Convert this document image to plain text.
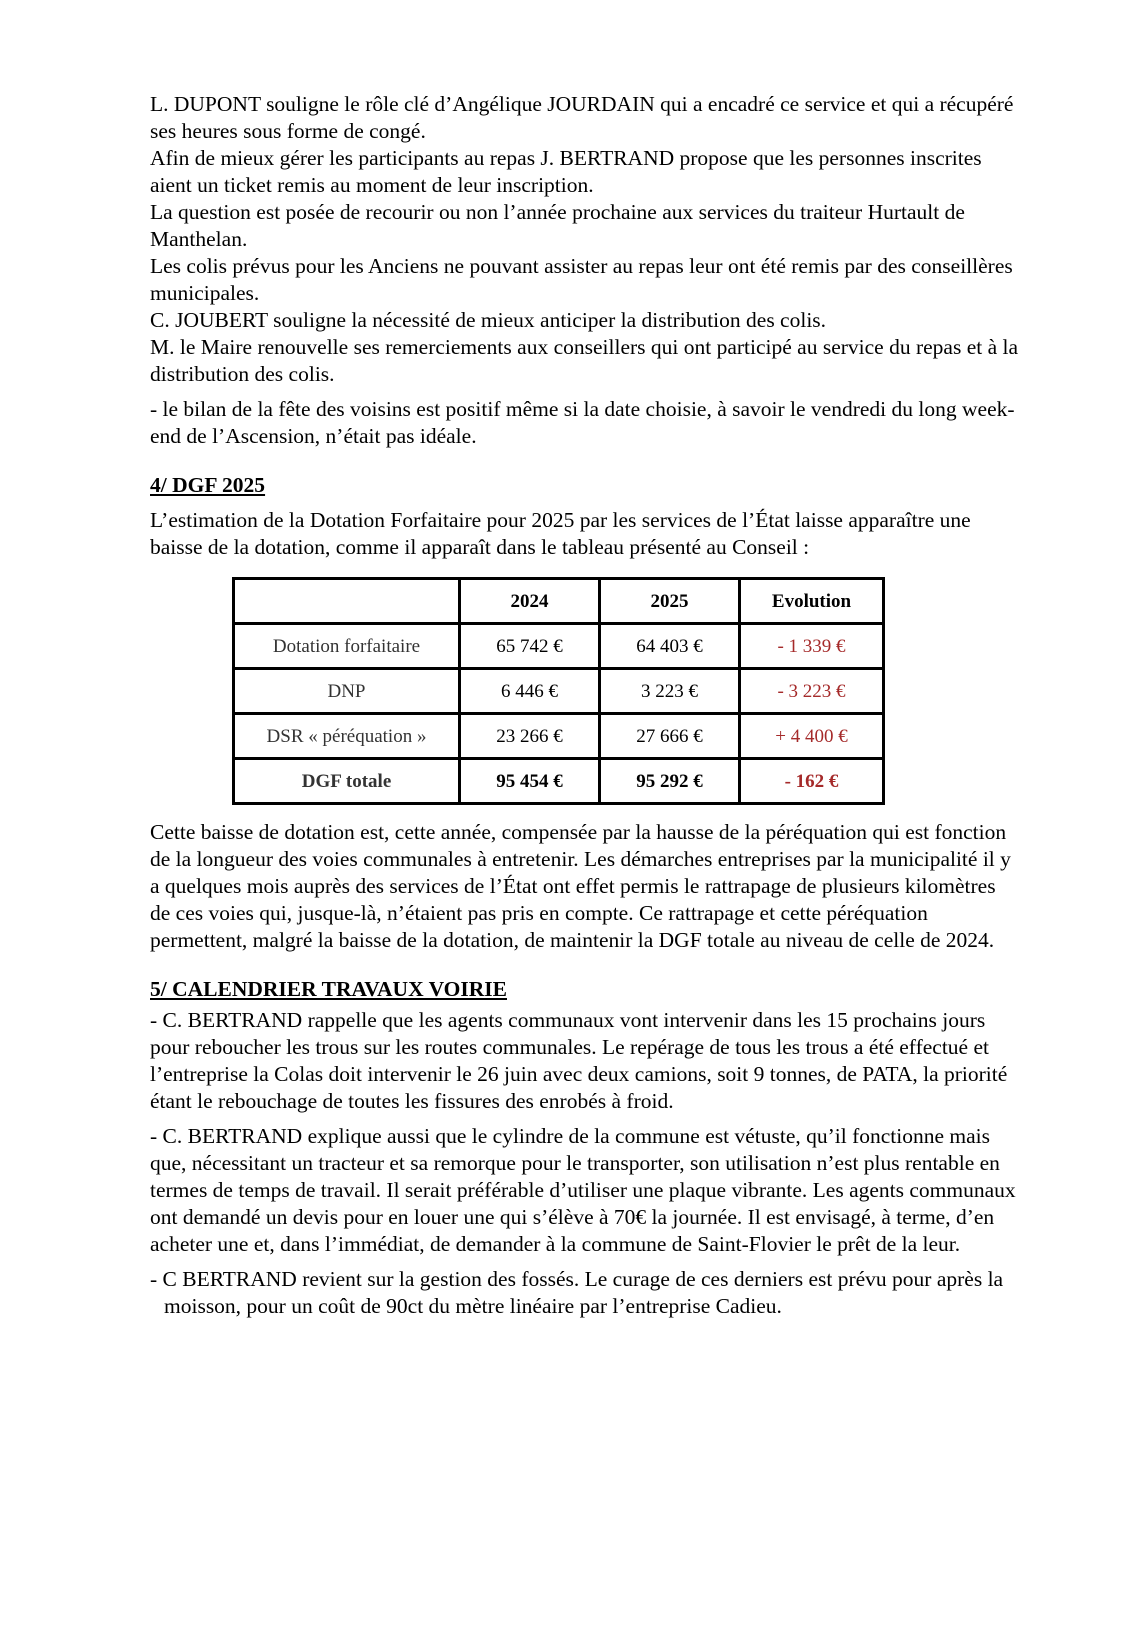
L. DUPONT souligne le rôle clé d’Angélique JOURDAIN qui a encadré ce service et qui a récupéré ses heures sous forme de congé.

Afin de mieux gérer les participants au repas J. BERTRAND propose que les personnes inscrites aient un ticket remis au moment de leur inscription.

La question est posée de recourir ou non l’année prochaine aux services du traiteur Hurtault de Manthelan.

Les colis prévus pour les Anciens ne pouvant assister au repas leur ont été remis par des conseillères municipales.

C. JOUBERT souligne la nécessité de mieux anticiper la distribution des colis.

M. le Maire renouvelle ses remerciements aux conseillers qui ont participé au service du repas et à la distribution des colis.

- le bilan de la fête des voisins est positif même si la date choisie, à savoir le vendredi du long week-end de l’Ascension, n’était pas idéale.

4/ DGF 2025

L’estimation de la Dotation Forfaitaire pour 2025 par les services de l’État laisse apparaître une baisse de la dotation, comme il apparaît dans le tableau présenté au Conseil :

	2024	2025	Evolution
Dotation forfaitaire	65 742 €	64 403 €	- 1 339 €
DNP	6 446 €	3 223 €	- 3 223 €
DSR « péréquation »	23 266 €	27 666 €	+ 4 400 €
DGF totale	95 454 €	95 292 €	- 162 €

Cette baisse de dotation est, cette année, compensée par la hausse de la péréquation qui est fonction de la longueur des voies communales à entretenir. Les démarches entreprises par la municipalité il y a quelques mois auprès des services de l’État ont effet permis le rattrapage de plusieurs kilomètres de ces voies qui, jusque-là, n’étaient pas pris en compte. Ce rattrapage et cette péréquation permettent, malgré la baisse de la dotation, de maintenir la DGF totale au niveau de celle de 2024.

5/ CALENDRIER TRAVAUX VOIRIE

- C. BERTRAND rappelle que les agents communaux vont intervenir dans les 15 prochains jours pour reboucher les trous sur les routes communales. Le repérage de tous les trous a été effectué et l’entreprise la Colas doit intervenir le 26 juin avec deux camions, soit 9 tonnes, de PATA, la priorité étant le rebouchage de toutes les fissures des enrobés à froid.

- C. BERTRAND explique aussi que le cylindre de la commune est vétuste, qu’il fonctionne mais que, nécessitant un tracteur et sa remorque pour le transporter, son utilisation n’est plus rentable en termes de temps de travail. Il serait préférable d’utiliser une plaque vibrante. Les agents communaux ont demandé un devis pour en louer une qui s’élève à 70€ la journée. Il est envisagé, à terme, d’en acheter une et, dans l’immédiat, de demander à la commune de Saint-Flovier le prêt de la leur.

- C BERTRAND revient sur la gestion des fossés. Le curage de ces derniers est prévu pour après la moisson, pour un coût de 90ct du mètre linéaire par l’entreprise Cadieu.
